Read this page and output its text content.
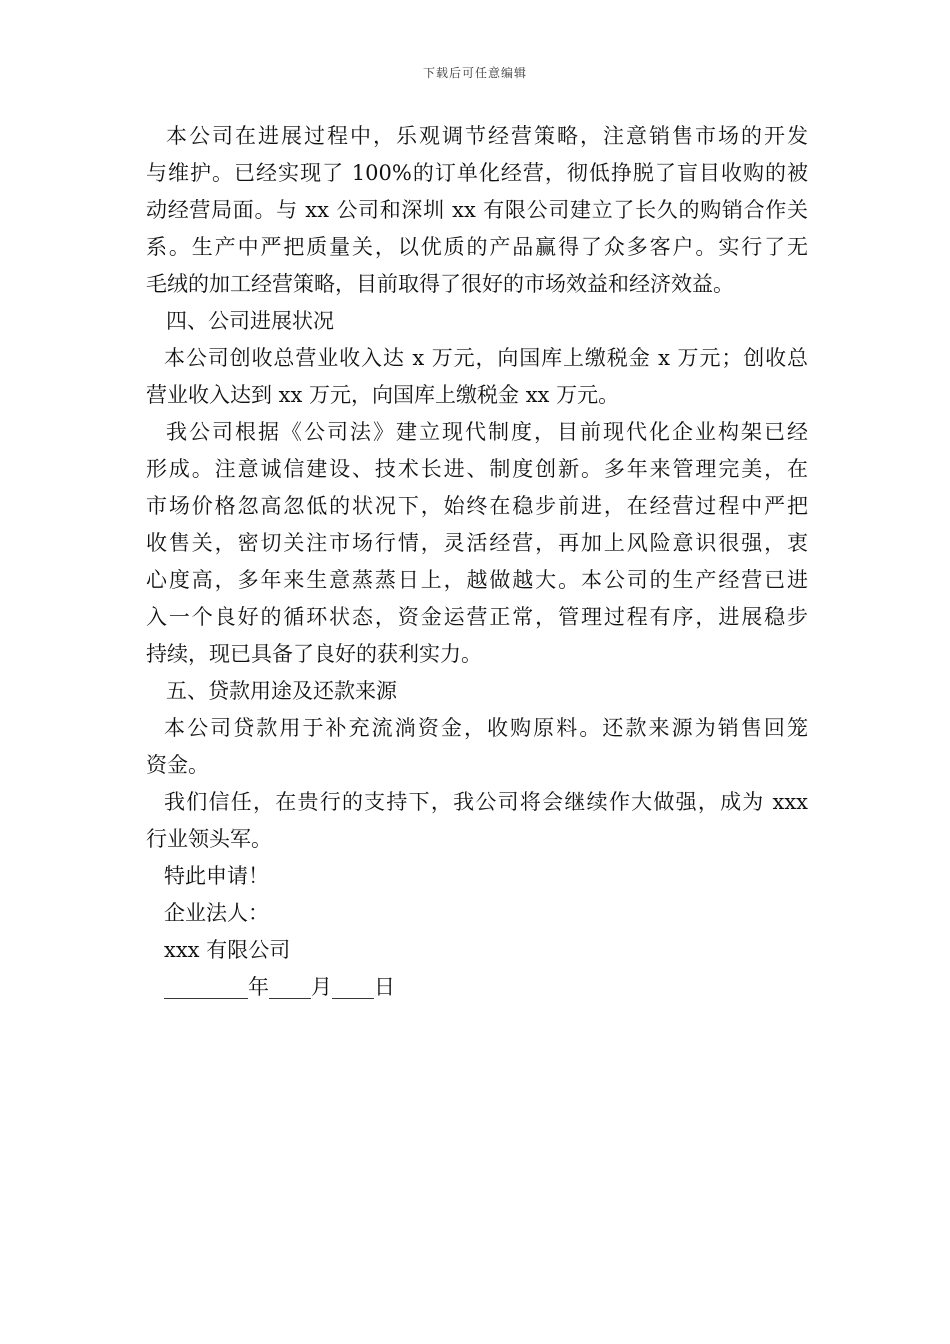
下载后可任意编辑
本公司在进展过程中，乐观调节经营策略，注意销售市场的开发
与维护。已经实现了 100%的订单化经营，彻低挣脱了盲目收购的被
动经营局面。与 xx 公司和深圳 xx 有限公司建立了长久的购销合作关
系。生产中严把质量关，以优质的产品赢得了众多客户。实行了无
毛绒的加工经营策略，目前取得了很好的市场效益和经济效益。
四、公司进展状况
本公司创收总营业收入达 x 万元，向国库上缴税金 x 万元；创收总
营业收入达到 xx 万元，向国库上缴税金 xx 万元。
我公司根据《公司法》建立现代制度，目前现代化企业构架已经
形成。注意诚信建设、技术长进、制度创新。多年来管理完美，在
市场价格忽高忽低的状况下，始终在稳步前进，在经营过程中严把
收售关，密切关注市场行情，灵活经营，再加上风险意识很强，衷
心度高，多年来生意蒸蒸日上，越做越大。本公司的生产经营已进
入一个良好的循环状态，资金运营正常，管理过程有序，进展稳步
持续，现已具备了良好的获利实力。
五、贷款用途及还款来源
本公司贷款用于补充流淌资金，收购原料。还款来源为销售回笼
资金。
我们信任，在贵行的支持下，我公司将会继续作大做强，成为 xxx
行业领头军。
特此申请！
企业法人：
xxx 有限公司
________年____月____日
